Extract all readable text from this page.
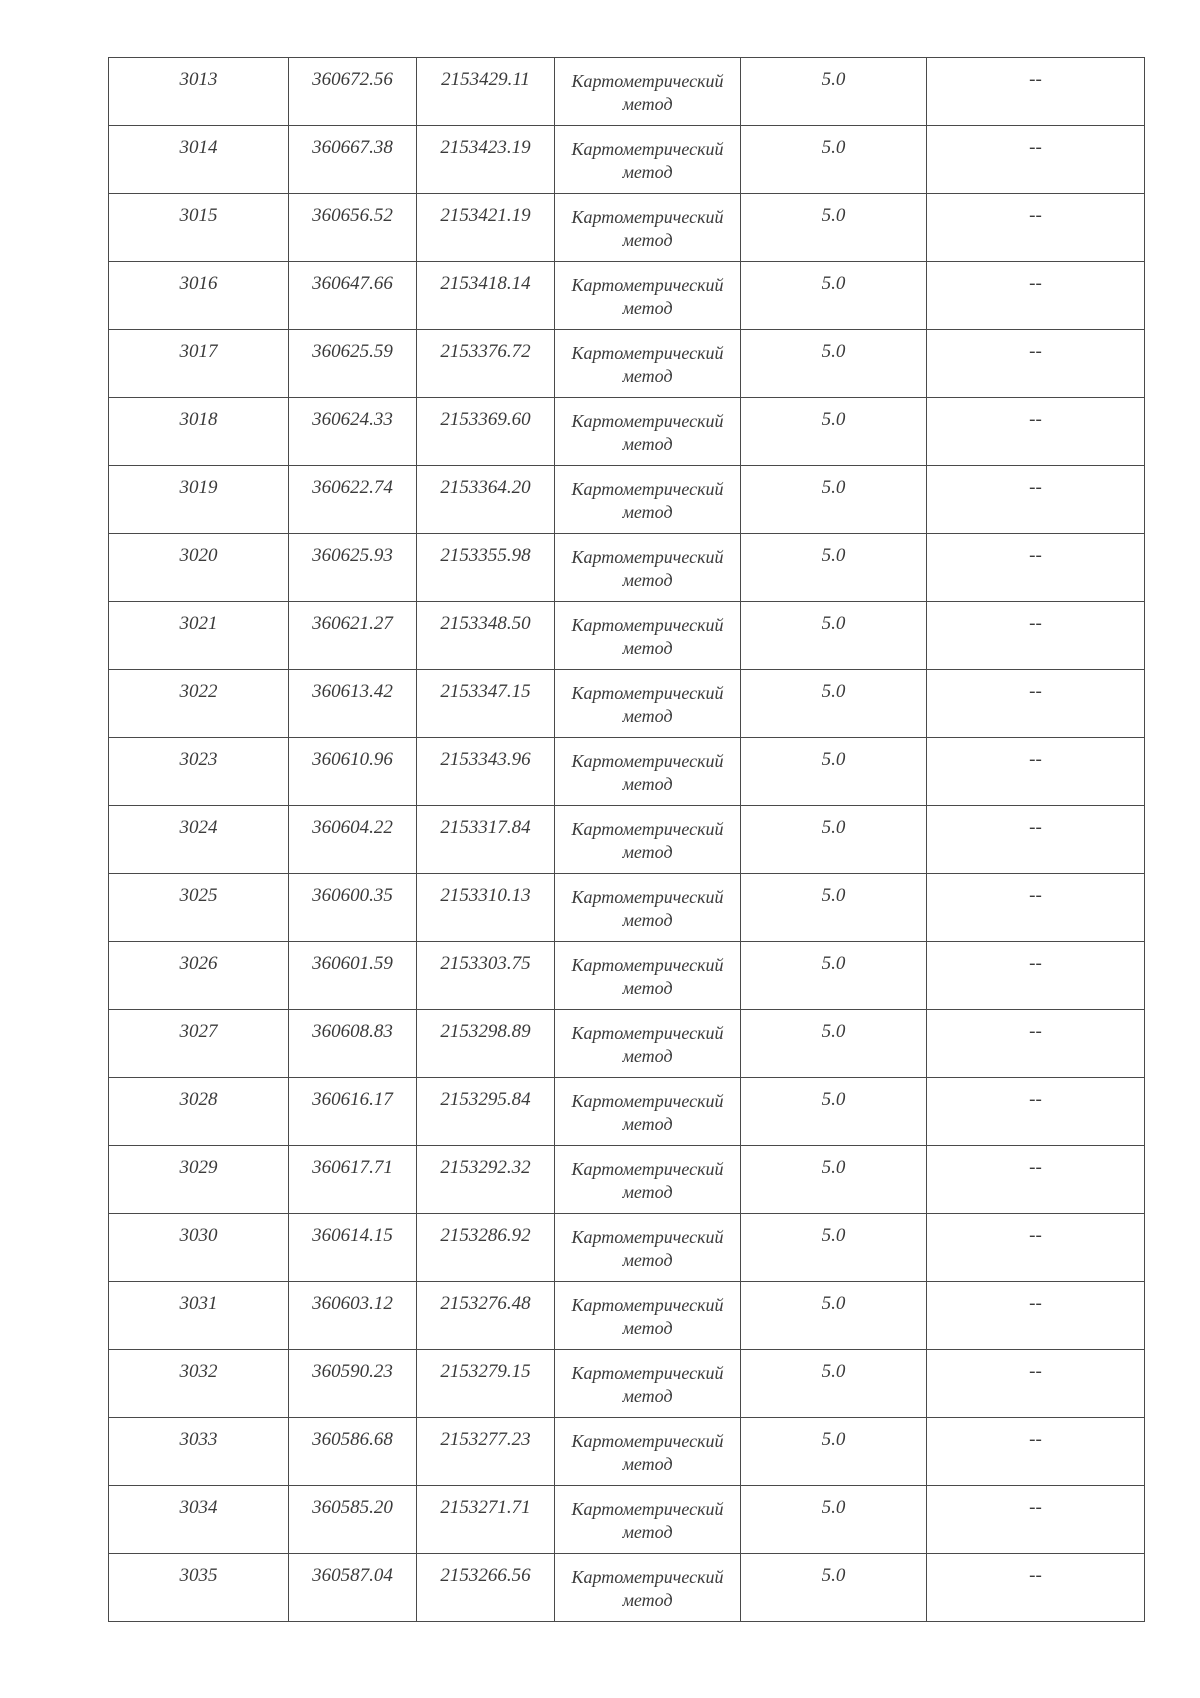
3013	360672.56	2153429.11	Картометрический
метод	5.0	--

3014	360667.38	2153423.19	Картометрический
метод	5.0	--

3015	360656.52	2153421.19	Картометрический
метод	5.0	--

3016	360647.66	2153418.14	Картометрический
метод	5.0	--

3017	360625.59	2153376.72	Картометрический
метод	5.0	--

3018	360624.33	2153369.60	Картометрический
метод	5.0	--

3019	360622.74	2153364.20	Картометрический
метод	5.0	--

3020	360625.93	2153355.98	Картометрический
метод	5.0	--

3021	360621.27	2153348.50	Картометрический
метод	5.0	--

3022	360613.42	2153347.15	Картометрический
метод	5.0	--

3023	360610.96	2153343.96	Картометрический
метод	5.0	--

3024	360604.22	2153317.84	Картометрический
метод	5.0	--

3025	360600.35	2153310.13	Картометрический
метод	5.0	--

3026	360601.59	2153303.75	Картометрический
метод	5.0	--

3027	360608.83	2153298.89	Картометрический
метод	5.0	--

3028	360616.17	2153295.84	Картометрический
метод	5.0	--

3029	360617.71	2153292.32	Картометрический
метод	5.0	--

3030	360614.15	2153286.92	Картометрический
метод	5.0	--

3031	360603.12	2153276.48	Картометрический
метод	5.0	--

3032	360590.23	2153279.15	Картометрический
метод	5.0	--

3033	360586.68	2153277.23	Картометрический
метод	5.0	--

3034	360585.20	2153271.71	Картометрический
метод	5.0	--

3035	360587.04	2153266.56	Картометрический
метод	5.0	--
